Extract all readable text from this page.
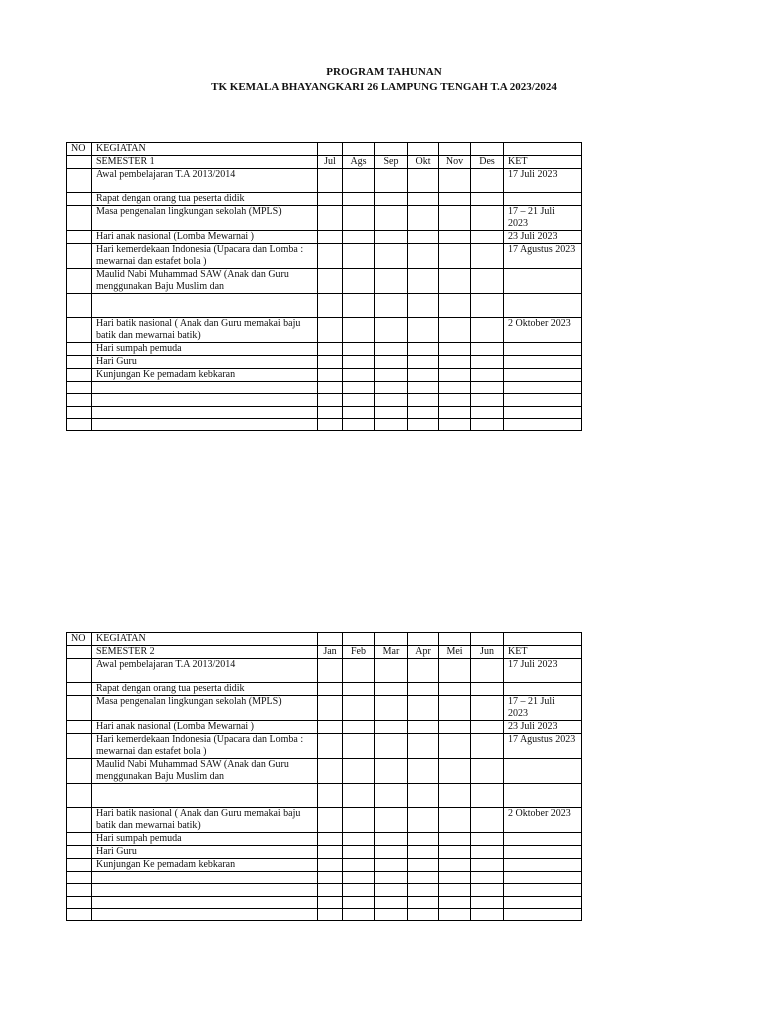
PROGRAM TAHUNAN
TK KEMALA BHAYANGKARI 26 LAMPUNG TENGAH T.A 2023/2024
NO	KEGIATAN							
	SEMESTER 1	Jul	Ags	Sep	Okt	Nov	Des	KET
	Awal pembelajaran T.A 2013/2014							17 Juli 2023
	Rapat dengan orang tua peserta didik							
	Masa pengenalan lingkungan sekolah (MPLS)							17 – 21 Juli 2023
	Hari anak nasional (Lomba Mewarnai )							23 Juli 2023
	Hari kemerdekaan Indonesia (Upacara dan Lomba : mewarnai dan estafet bola )							17 Agustus 2023
	Maulid Nabi Muhammad SAW (Anak dan Guru menggunakan Baju Muslim dan							

	Hari batik nasional ( Anak dan Guru memakai baju batik dan mewarnai batik)							2 Oktober 2023
	Hari sumpah pemuda							
	Hari Guru							
	Kunjungan Ke pemadam kebkaran							

NO	KEGIATAN							
	SEMESTER 2	Jan	Feb	Mar	Apr	Mei	Jun	KET
	Awal pembelajaran T.A 2013/2014							17 Juli 2023
	Rapat dengan orang tua peserta didik							
	Masa pengenalan lingkungan sekolah (MPLS)							17 – 21 Juli 2023
	Hari anak nasional (Lomba Mewarnai )							23 Juli 2023
	Hari kemerdekaan Indonesia (Upacara dan Lomba : mewarnai dan estafet bola )							17 Agustus 2023
	Maulid Nabi Muhammad SAW (Anak dan Guru menggunakan Baju Muslim dan							

	Hari batik nasional ( Anak dan Guru memakai baju batik dan mewarnai batik)							2 Oktober 2023
	Hari sumpah pemuda							
	Hari Guru							
	Kunjungan Ke pemadam kebkaran							
